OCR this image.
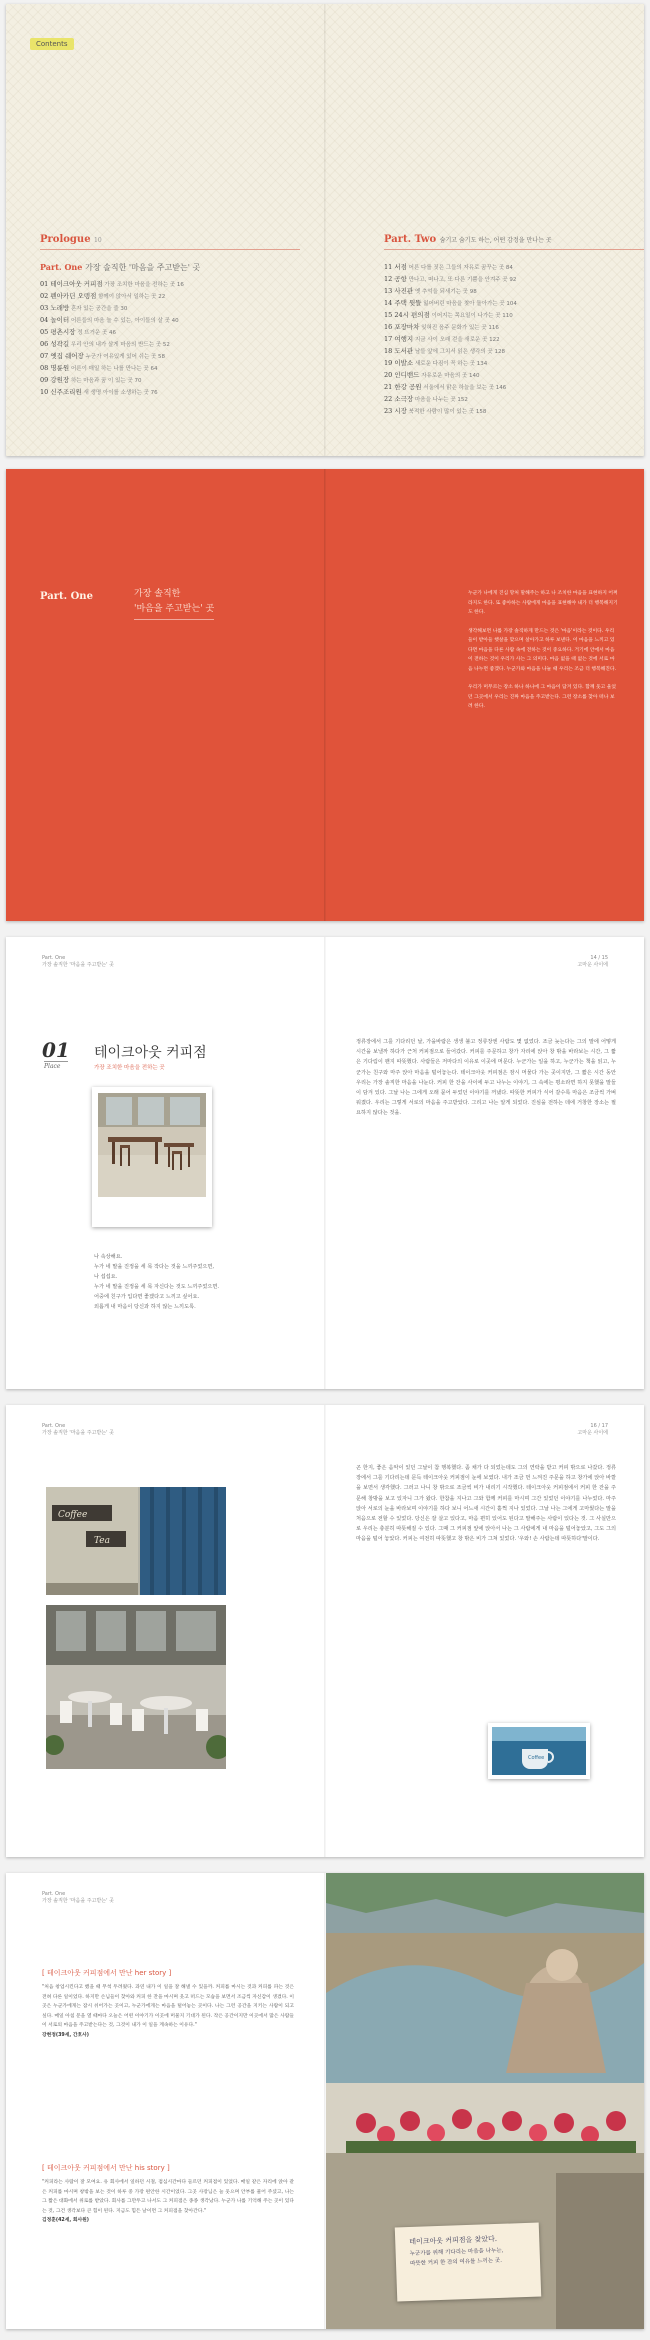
Contents
Prologue 10
Part. One 가장 솔직한 '마음을 주고받는' 곳
01 테이크아웃 커피점 가장 조치한 마음을 전하는 곳 16
02 펜아카딘 오뎅점 함께이 앉아서 일하는 곳 22
03 노래방 혼자 있는 공간을 즐 30
04 놀이터 어른들의 마음 놀 수 있는, 아이들의 살 곳 40
05 평촌시장 정 뜨거운 곳 46
06 성곽길 우리 안의 내가 살게 마음의 반드는 곳 52
07 옛집 쉐어장 누군가 여유있게 있어 쉬는 곳 58
08 명륜원 어른이 매일 하는 나를 만나는 곳 64
09 강원장 하는 마음과 꿈 이 있는 곳 70
10 신주조리원 새 생명 아이를 소생하는 곳 76
Part. Two 숨기고 숨기도 하는, 어떤 감정을 만나는 곳
11 서점 어른 다를 짓은 그들의 자유로 꿈꾸는 곳 84
12 공항 만나고, 떠나고, 또 다른 기쁨을 안겨주 곳 92
13 사진관 옛 추억을 되새기는 곳 98
14 주택 뒷뜰 잃어버린 마음을 찾아 돌아가는 곳 104
15 24시 편의점 이어지는 목요일이 나가는 곳 110
16 포장마차 잊혀진 음주 문화가 있는 곳 116
17 여행지 지금 사이 오래 걷을 새로운 곳 122
18 도서관 남들 앞에 그치서 읽은 생각의 곳 128
19 이발소 새로운 다짐이 꼭 하는 곳 134
20 인디밴드 자유로운 마음의 곳 140
21 한강 공원 서울에서 맑은 하늘을 보는 곳 146
22 소극장 마음을 나누는 곳 152
23 시장 북적한 사람이 많이 있는 곳 158
Part. One	가장 솔직한
'마음을 주고받는' 곳

누군가 나에게 진심 망처 말해주는 하고 나 조치한 마음을 표현하지 어쩌라지도 한다. 또 좋아하는 사람에게 마음을 표현해야 내가 더 행복해지기도 한다.

생각해보면 나를 가장 솔직하게 만드는 것은 '마음'이라는 것이다. 우리 들이 받아들 햇살을 맞으며 살아가고 하루 보낸다. 이 마음을 느끼고 있다면 마음을 다른 사람 속에 전하는 것이 중요하다. 거기에 안에서 마음이 전하는 것이 우리가 사는 그 의미다. 마음 없을 때 없는 것에 서로 마음 나누면 좋겠다. 누군가와 마음을 나눌 때 우리는 조금 더 행복해진다.

우리가 머무르는 장소 하나 하나에 그 마음이 담겨 있다. 함께 웃고 울었던 그곳에서 우리는 진짜 마음을 주고받는다. 그런 장소를 찾아 떠나 보려 한다.

Part. One
가장 솔직한 '마음을 주고받는' 곳
14 / 15
고마운 사이에
01
Place
테이크아웃 커피점
가장 조치한 마음을 전하는 곳
나 속상해요.
누가 네 말을 진정을 세 목 작다는 것을 느끼주었으면,
나 섭섭요.
누가 네 말을 진정을 세 목 자신다는 것도 느끼주었으면.
어중에 친구가 입다면 좋겠다고 느끼고 싶어요.
외롭게 내 마음이 당신과 하지 않는 느끼도록.
정류장에서 그를 기다리던 날, 가을바람은 생생 불고 정류장엔 사람도 몇 없었다. 조금 늦는다는 그의 말에 어떻게 시간을 보낼까 하다가 근처 커피점으로 들어갔다. 커피를 주문하고 창가 자리에 앉아 창 밖을 바라보는 시간, 그 짧은 기다림이 왠지 따뜻했다. 사람들은 저마다의 이유로 이곳에 머문다. 누군가는 일을 하고, 누군가는 책을 읽고, 누군가는 친구와 마주 앉아 마음을 털어놓는다. 테이크아웃 커피점은 잠시 머물다 가는 곳이지만, 그 짧은 시간 동안 우리는 가장 솔직한 마음을 나눈다. 커피 한 잔을 사이에 두고 나누는 이야기, 그 속에는 평소라면 하지 못했을 말들이 담겨 있다. 그날 나는 그에게 오래 묻어 두었던 이야기를 꺼냈다. 따뜻한 커피가 식어 갈수록 마음은 조금씩 가벼워졌다. 우리는 그렇게 서로의 마음을 주고받았다. 그리고 나는 알게 되었다. 진심을 전하는 데에 거창한 장소는 필요하지 않다는 것을.
Part. One
가장 솔직한 '마음을 주고받는' 곳
16 / 17
고마운 사이에
Coffee
Tea
곤 한지, 좋은 음악이 있던 그날이 참 행복했다. 좀 채가 다 되었는데도 그의 연락을 받고 커피 밖으로 나갔다. 정류장에서 그를 기다리는데 문득 테이크아웃 커피점이 눈에 보였다. 내가 조금 먼 느껴진 주문을 하고 창가에 앉아 바깥을 보면서 생각했다. 그러고 나니 창 밖으로 조금씩 비가 내리기 시작했다. 테이크아웃 커피점에서 커피 한 잔을 주문해 창밖을 보고 있자니 그가 왔다. 한참을 지나고 그와 함께 커피를 마시며 그간 있었던 이야기를 나누었다. 마주 앉아 서로의 눈을 바라보며 이야기를 하다 보니 어느새 시간이 훌쩍 지나 있었다. 그날 나는 그에게 고마웠다는 말을 처음으로 전할 수 있었다. 당신은 잘 살고 있다고, 마음 편히 있어도 된다고 말해주는 사람이 있다는 것. 그 사실만으로 우리는 충분히 따뜻해질 수 있다. 그때 그 커피점 앞에 앉아서 나는 그 사람에게 내 마음을 털어놓았고, 그도 그의 마음을 털어 놓았다. 커피는 여전히 따뜻했고 창 밖은 비가 그쳐 있었다. '우와! 손 사람는데 따뜻하다'말이다.
Coffee
Part. One
가장 솔직한 '마음을 주고받는' 곳
[ 테이크아웃 커피점에서 만난 her story ]
"처음 창업시킨다고 했을 때 무척 두려웠다. 과연 내가 이 일을 잘 해낼 수 있을까. 커피를 마시는 것과 커피를 파는 것은 전혀 다른 일이었다. 하지만 손님들이 찾아와 커피 한 잔을 마시며 웃고 떠드는 모습을 보면서 조금씩 자신감이 생겼다. 이곳은 누군가에게는 잠시 쉬어가는 곳이고, 누군가에게는 마음을 털어놓는 곳이다. 나는 그런 공간을 지키는 사람이 되고 싶다. 매일 아침 문을 열 때마다 오늘은 어떤 이야기가 이곳에 머물지 기대가 된다. 작은 공간이지만 이곳에서 많은 사람들이 서로의 마음을 주고받는다는 것, 그것이 내가 이 일을 계속하는 이유다."
강현정(39세, 간호사)
[ 테이크아웃 커피점에서 만난 his story ]
"커피라는 사람이 잘 모여요. 유 회사에서 일하던 시절, 점심시간마다 들르던 커피점이 있었다. 매일 같은 자리에 앉아 같은 커피를 마시며 창밖을 보는 것이 하루 중 가장 편안한 시간이었다. 그곳 사장님은 늘 웃으며 안부를 물어 주셨고, 나는 그 짧은 대화에서 위로를 받았다. 회사를 그만두고 나서도 그 커피점은 종종 생각났다. 누군가 나를 기억해 주는 곳이 있다는 것, 그건 생각보다 큰 힘이 된다. 지금도 힘든 날이면 그 커피점을 찾아간다."
김정훈(42세, 회사원)
테이크아웃 커피점을 찾았다.
누군가를 위해 기다리는 마음을 나누는,
따뜻한 커피 한 잔의 여유를 느끼는 곳.
